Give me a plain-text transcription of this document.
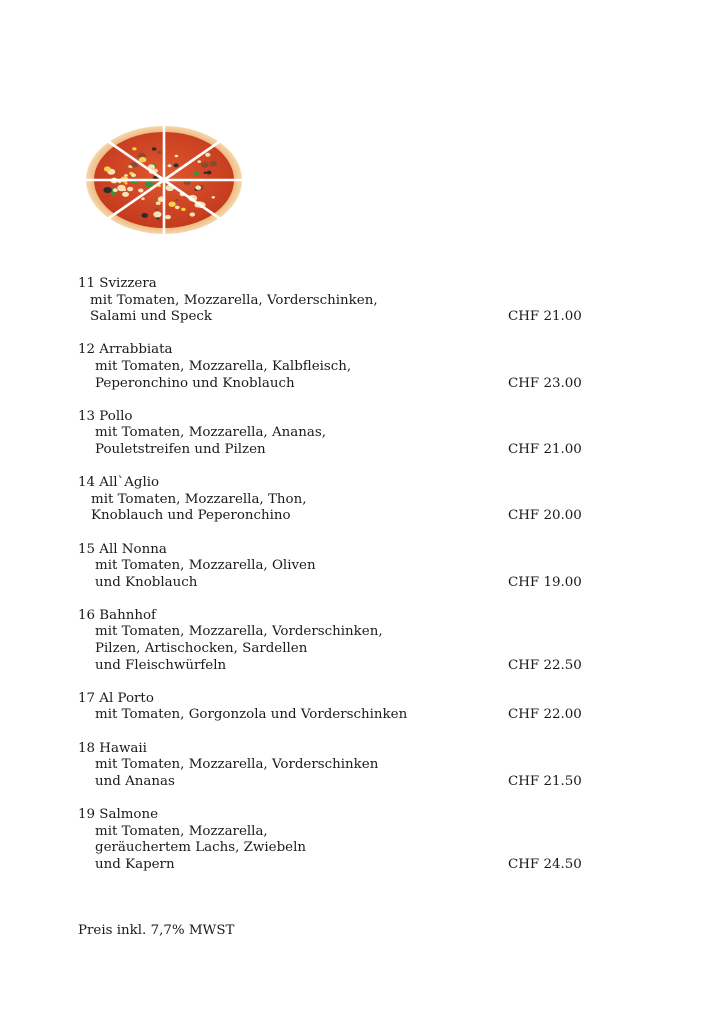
11 Svizzera
mit Tomaten, Mozzarella, Vorderschinken,
Salami und Speck	CHF 21.00
12 Arrabbiata
mit Tomaten, Mozzarella, Kalbfleisch,
Peperonchino und Knoblauch	CHF 23.00
13 Pollo
mit Tomaten, Mozzarella, Ananas,
Pouletstreifen und Pilzen	CHF 21.00
14 All`Aglio
mit Tomaten, Mozzarella, Thon,
Knoblauch und Peperonchino	CHF 20.00
15 All Nonna
mit Tomaten, Mozzarella, Oliven
und Knoblauch	CHF 19.00
16 Bahnhof
mit Tomaten, Mozzarella, Vorderschinken,
Pilzen, Artischocken, Sardellen
und Fleischwürfeln	CHF 22.50
17 Al Porto
mit Tomaten, Gorgonzola und Vorderschinken	CHF 22.00
18 Hawaii
mit Tomaten, Mozzarella, Vorderschinken
und Ananas	CHF 21.50
19 Salmone
mit Tomaten, Mozzarella,
geräuchertem Lachs, Zwiebeln
und Kapern	CHF 24.50
Preis inkl. 7,7% MWST
